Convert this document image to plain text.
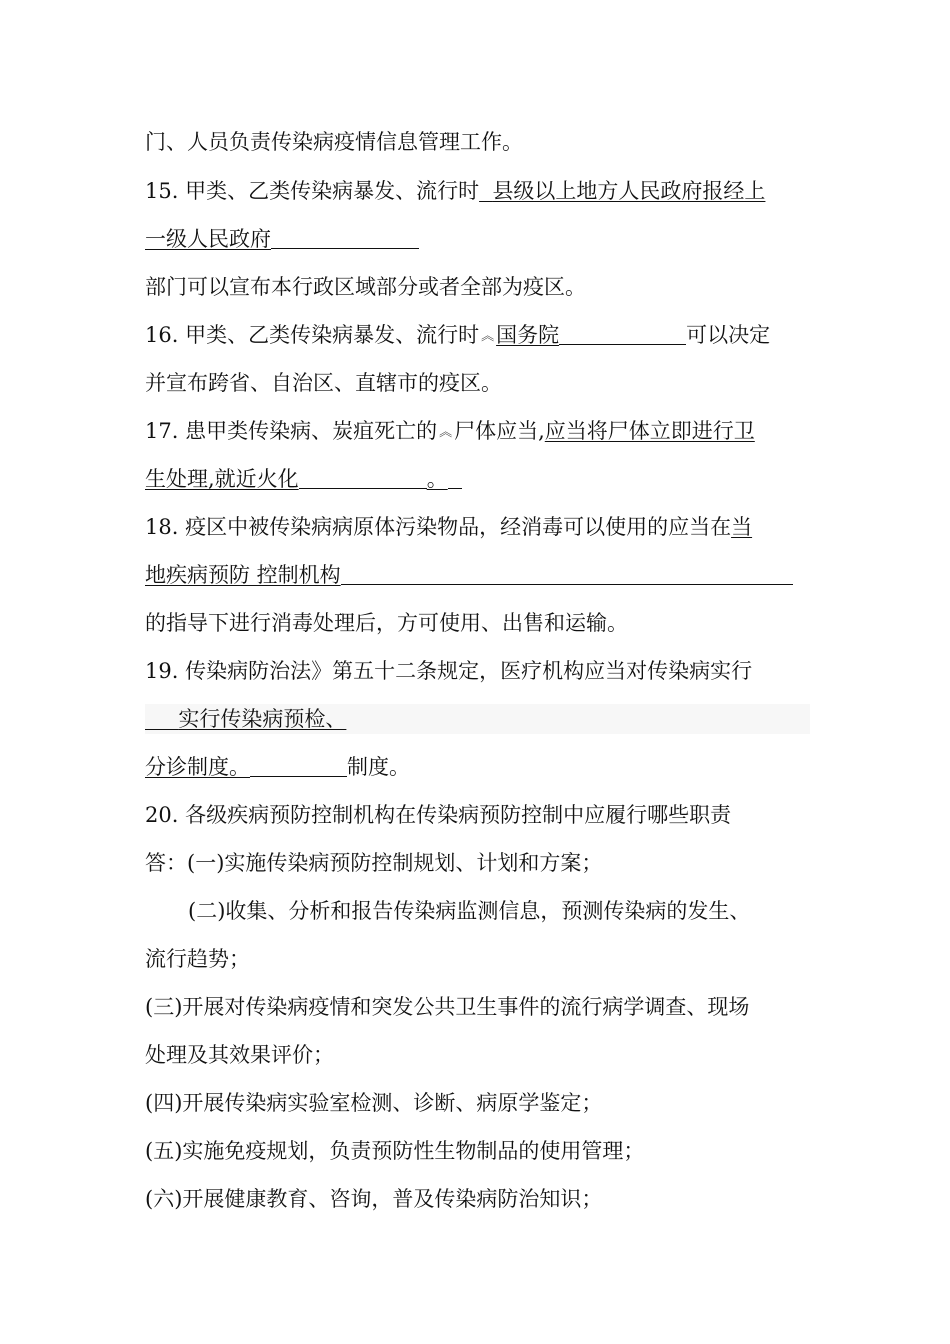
门、人员负责传染病疫情信息管理工作。
15. 甲类、乙类传染病暴发、流行时 县级以上地方人民政府报经上
一级人民政府
部门可以宣布本行政区域部分或者全部为疫区。
16. 甲类、乙类传染病暴发、流行时 ︽国务院	可以决定
并宣布跨省、自治区、直辖市的疫区。
17. 患甲类传染病、炭疽死亡的 ︽尸体应当,应当将尸体立即进行卫
生处理,就近火化	。
18. 疫区中被传染病病原体污染物品，经消毒可以使用的应当在当
地疾病预防 控制机构
的指导下进行消毒处理后，方可使用、出售和运输。
19. 传染病防治法》第五十二条规定，医疗机构应当对传染病实行
实行传染病预检、
分诊制度。	制度。
20. 各级疾病预防控制机构在传染病预防控制中应履行哪些职责
答：(一)实施传染病预防控制规划、计划和方案；
(二)收集、分析和报告传染病监测信息，预测传染病的发生、
流行趋势；
(三)开展对传染病疫情和突发公共卫生事件的流行病学调查、现场
处理及其效果评价；
(四)开展传染病实验室检测、诊断、病原学鉴定；
(五)实施免疫规划，负责预防性生物制品的使用管理；
(六)开展健康教育、咨询，普及传染病防治知识；
